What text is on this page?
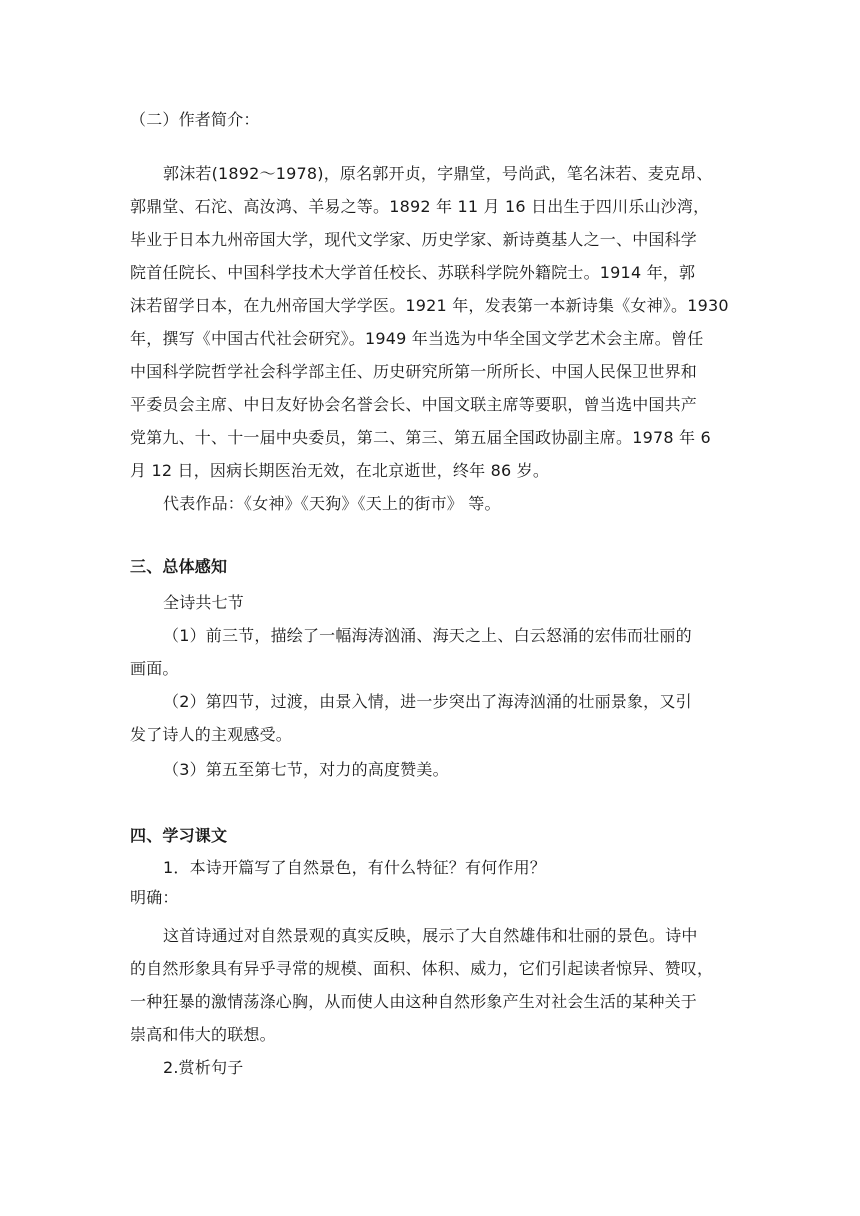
（二）作者简介：
郭沫若(1892～1978)，原名郭开贞，字鼎堂，号尚武，笔名沫若、麦克昂、
郭鼎堂、石沱、高汝鸿、羊易之等。1892 年 11 月 16 日出生于四川乐山沙湾，
毕业于日本九州帝国大学，现代文学家、历史学家、新诗奠基人之一、中国科学
院首任院长、中国科学技术大学首任校长、苏联科学院外籍院士。1914 年，郭
沫若留学日本，在九州帝国大学学医。1921 年，发表第一本新诗集《女神》。1930
年，撰写《中国古代社会研究》。1949 年当选为中华全国文学艺术会主席。曾任
中国科学院哲学社会科学部主任、历史研究所第一所所长、中国人民保卫世界和
平委员会主席、中日友好协会名誉会长、中国文联主席等要职，曾当选中国共产
党第九、十、十一届中央委员，第二、第三、第五届全国政协副主席。1978 年 6
月 12 日，因病长期医治无效，在北京逝世，终年 86 岁。
代表作品：《女神》《天狗》《天上的街市》 等。
三、总体感知
全诗共七节
（1）前三节，描绘了一幅海涛汹涌、海天之上、白云怒涌的宏伟而壮丽的
画面。
（2）第四节，过渡，由景入情，进一步突出了海涛汹涌的壮丽景象，又引
发了诗人的主观感受。
（3）第五至第七节，对力的高度赞美。
四、学习课文
1．本诗开篇写了自然景色，有什么特征？有何作用？
明确：
这首诗通过对自然景观的真实反映，展示了大自然雄伟和壮丽的景色。诗中
的自然形象具有异乎寻常的规模、面积、体积、威力，它们引起读者惊异、赞叹，
一种狂暴的激情荡涤心胸，从而使人由这种自然形象产生对社会生活的某种关于
崇高和伟大的联想。
2.赏析句子
